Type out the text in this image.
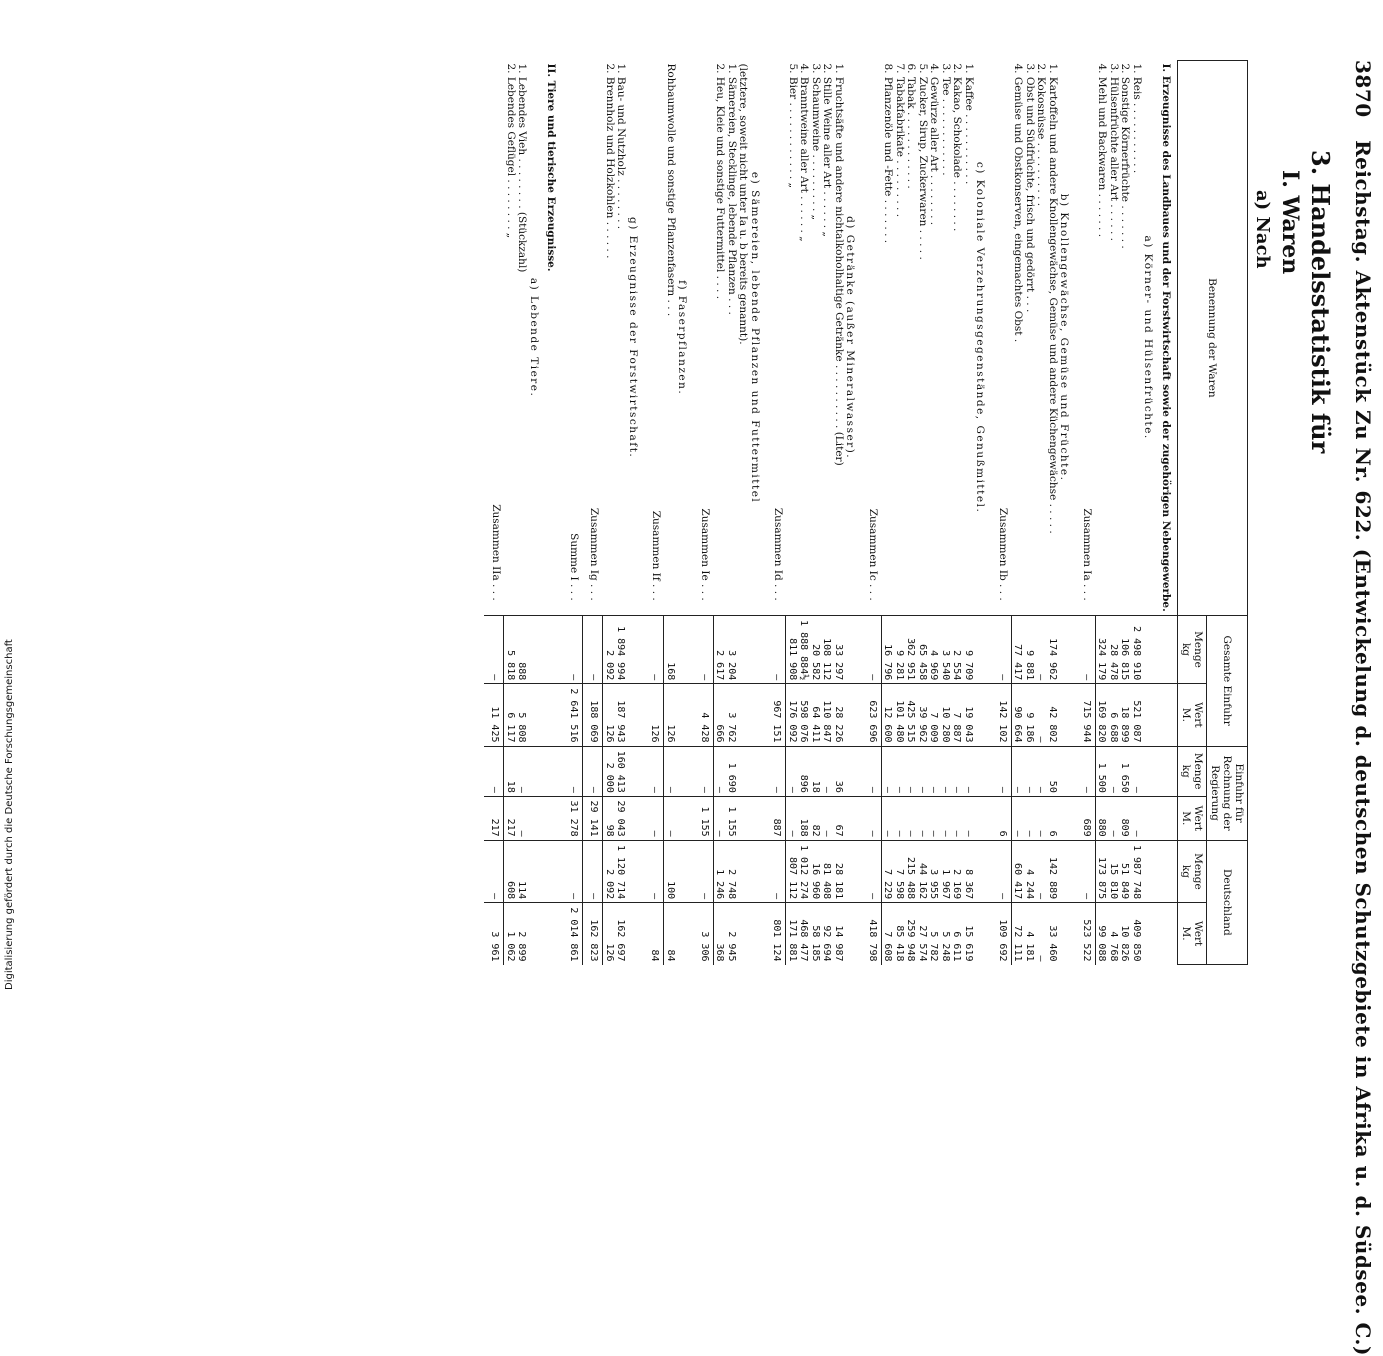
3870   Reichstag. Aktenstück Zu Nr. 622. (Entwickelung d. deutschen Schutzgebiete in Afrika u. d. Südsee. C.)
3. Handelsstatistik für
I. Waren
a) Nach
Benennung der Waren	Gesamte Einfuhr		Einfuhr für Rechnung der Regierung		Deutschland	
	Menge
kg	Wert
M.	Menge
kg	Wert
M.	Menge
kg	Wert
M.
I. Erzeugnisse des Landbaues und der Forstwirtschaft sowie der zugehörigen Nebengewerbe.						
a) Körner- und Hülsenfrüchte.						
1. Reis . . . . . . . . . . .	2 498 910	521 087	—	—	1 987 748	409 850
2. Sonstige Körnerfrüchte . . . . . . .	106 815	18 899	1 650	809	51 849	10 826
3. Hülsenfrüchte aller Art . . . . . .	28 478	6 688	—	—	15 810	4 768
4. Mehl und Backwaren . . . . . . .	324 179	169 820	1 500	880	173 875	99 088
Zusammen Ia . . .	—	715 944	—	689	—	523 522
b) Knollengewächse, Gemüse und Früchte.						
1. Kartoffeln und andere Knollengewächse, Gemüse und andere Küchengewächse . . . . .	174 962	42 802	50	6	142 889	33 460
2. Kokosnüsse . . . . . . . . . .	—	—	—	—	—	—
3. Obst und Südfrüchte, frisch und gedörrt . . .	9 881	9 186	—	—	4 244	4 181
4. Gemüse und Obstkonserven, eingemachtes Obst .	77 417	90 664	—	—	60 417	72 111
Zusammen Ib . . .	—	142 102	—	6	—	109 692
c) Koloniale Verzehrungsgegenstände, Genußmittel.						
1. Kaffee . . . . . . . . . . .	9 709	19 043	—	—	8 367	15 619
2. Kakao, Schokolade . . . . . . . .	2 554	7 887	—	—	2 169	6 611
3. Tee . . . . . . . . . . . .	3 540	10 280	—	—	1 967	5 248
4. Gewürze aller Art . . . . . . . .	4 969	7 009	—	—	3 955	5 782
5. Zucker, Sirup, Zuckerwaren . . . . .	65 458	39 962	—	—	44 162	27 574
6. Tabak . . . . . . . . . . . .	362 951	425 515	—	—	215 488	259 948
7. Tabakfabrikate . . . . . . . . .	9 281	101 480	—	—	7 598	85 418
8. Pflanzenöle und -Fette . . . . . . .	16 796	12 600	—	—	7 229	7 608
Zusammen Ic . . .	—	623 696	—	—	—	418 798
d) Getränke (außer Mineralwasser).						
1. Fruchtsäfte und andere nichtalkoholhaltige Getränke . . . . . . . . . . (Liter)	33 297	28 226	36	67	28 181	14 987
2. Stille Weine aller Art . . . . . . „	108 112	110 847	—	—	81 408	92 694
3. Schaumweine . . . . . . . . . „	20 582	64 411	18	82	16 960	58 185
4. Branntweine aller Art . . . . . . „	1 888 884½	598 076	896	188	1 012 274	468 477
5. Bier . . . . . . . . . . . . „	811 908	176 092	—	—	807 112	171 881
Zusammen Id . . .	—	967 151	—	887	—	801 124
e) Sämereien, lebende Pflanzen und Futtermittel						
(letztere, soweit nicht unter Ia u. b bereits genannt).						
1. Sämereien, Stecklinge, lebende Pflanzen . . .	3 204	3 762	1 690	1 155	2 748	2 945
2. Heu, Kleie und sonstige Futtermittel . . . .	2 617	666	—	—	1 246	368
Zusammen Ie . . .	—	4 428	—	1 155	—	3 306
f) Faserpflanzen.						
Rohbaumwolle und sonstige Pflanzenfasern . . .	168	126	—	—	100	84
Zusammen If . . .	—	126	—	—	—	84
g) Erzeugnisse der Forstwirtschaft.						
1. Bau- und Nutzholz . . . . . . . .	1 894 994	187 943	160 413	29 043	1 120 714	162 697
2. Brennholz und Holzkohlen . . . . . .	2 092	126	2 000	98	2 092	126
Zusammen Ig . . .	—	188 069	—	29 141	—	162 823
Summe I . . .	—	2 641 516	—	31 278	—	2 014 861
II. Tiere und tierische Erzeugnisse.						
a) Lebende Tiere.						
1. Lebendes Vieh . . . . . . . . (Stückzahl)	888	5 808	—	—	114	2 899
2. Lebendes Geflügel . . . . . . . . „	5 818	6 117	18	217	608	1 062
Zusammen IIa . . .	—	11 425	—	217	—	3 961
Digitalisierung gefördert durch die Deutsche Forschungsgemeinschaft
